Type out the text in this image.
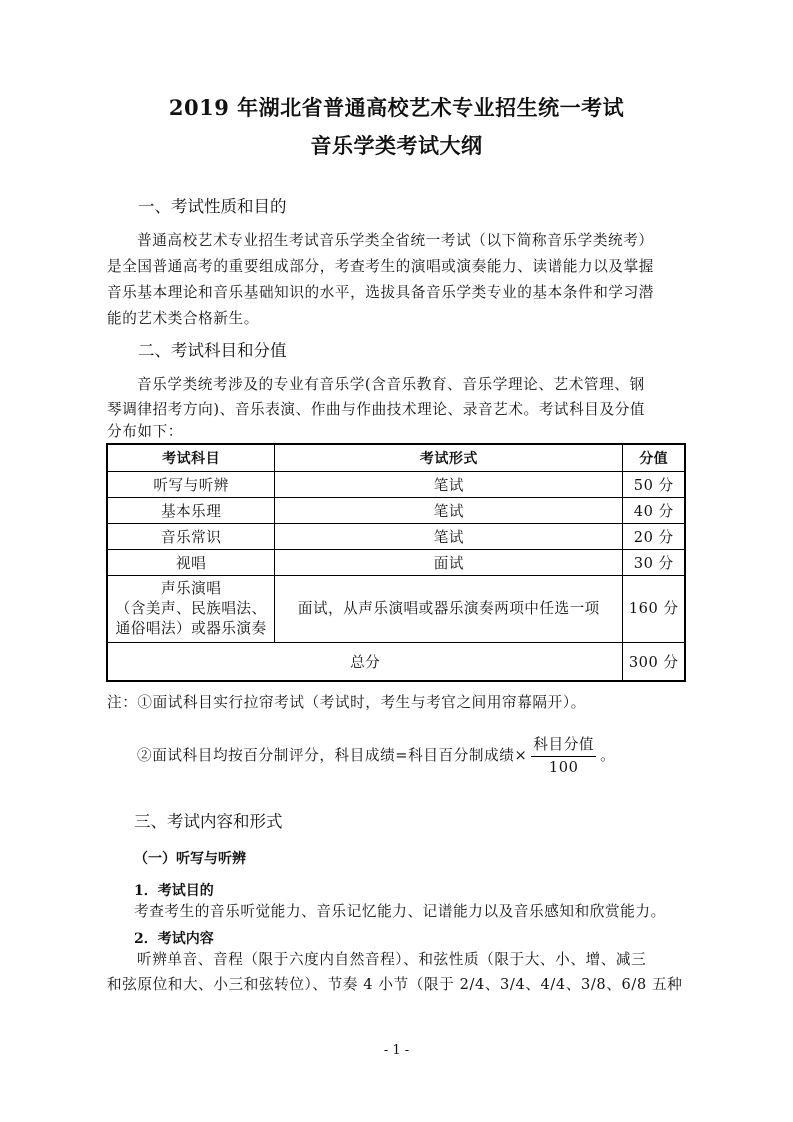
2019 年湖北省普通高校艺术专业招生统一考试
音乐学类考试大纲
一、考试性质和目的
普通高校艺术专业招生考试音乐学类全省统一考试（以下简称音乐学类统考）
是全国普通高考的重要组成部分，考查考生的演唱或演奏能力、读谱能力以及掌握
音乐基本理论和音乐基础知识的水平，选拔具备音乐学类专业的基本条件和学习潜
能的艺术类合格新生。
二、考试科目和分值
音乐学类统考涉及的专业有音乐学(含音乐教育、音乐学理论、艺术管理、钢
琴调律招考方向)、音乐表演、作曲与作曲技术理论、录音艺术。考试科目及分值
分布如下：
考试科目	考试形式	分值
听写与听辨	笔试	50 分
基本乐理	笔试	40 分
音乐常识	笔试	20 分
视唱	面试	30 分

声乐演唱
（含美声、民族唱法、
通俗唱法）或器乐演奏	面试，从声乐演唱或器乐演奏两项中任选一项	160 分
总分		300 分
注：①面试科目实行拉帘考试（考试时，考生与考官之间用帘幕隔开）。
②面试科目均按百分制评分，科目成绩=科目百分制成绩× $\frac{\text{科目分值}}{100}$ 。
三、考试内容和形式
（一）听写与听辨
1．考试目的
考查考生的音乐听觉能力、音乐记忆能力、记谱能力以及音乐感知和欣赏能力。
2．考试内容
听辨单音、音程（限于六度内自然音程）、和弦性质（限于大、小、增、减三
和弦原位和大、小三和弦转位）、节奏 4 小节（限于 2/4、3/4、4/4、3/8、6/8 五种
- 1 -
